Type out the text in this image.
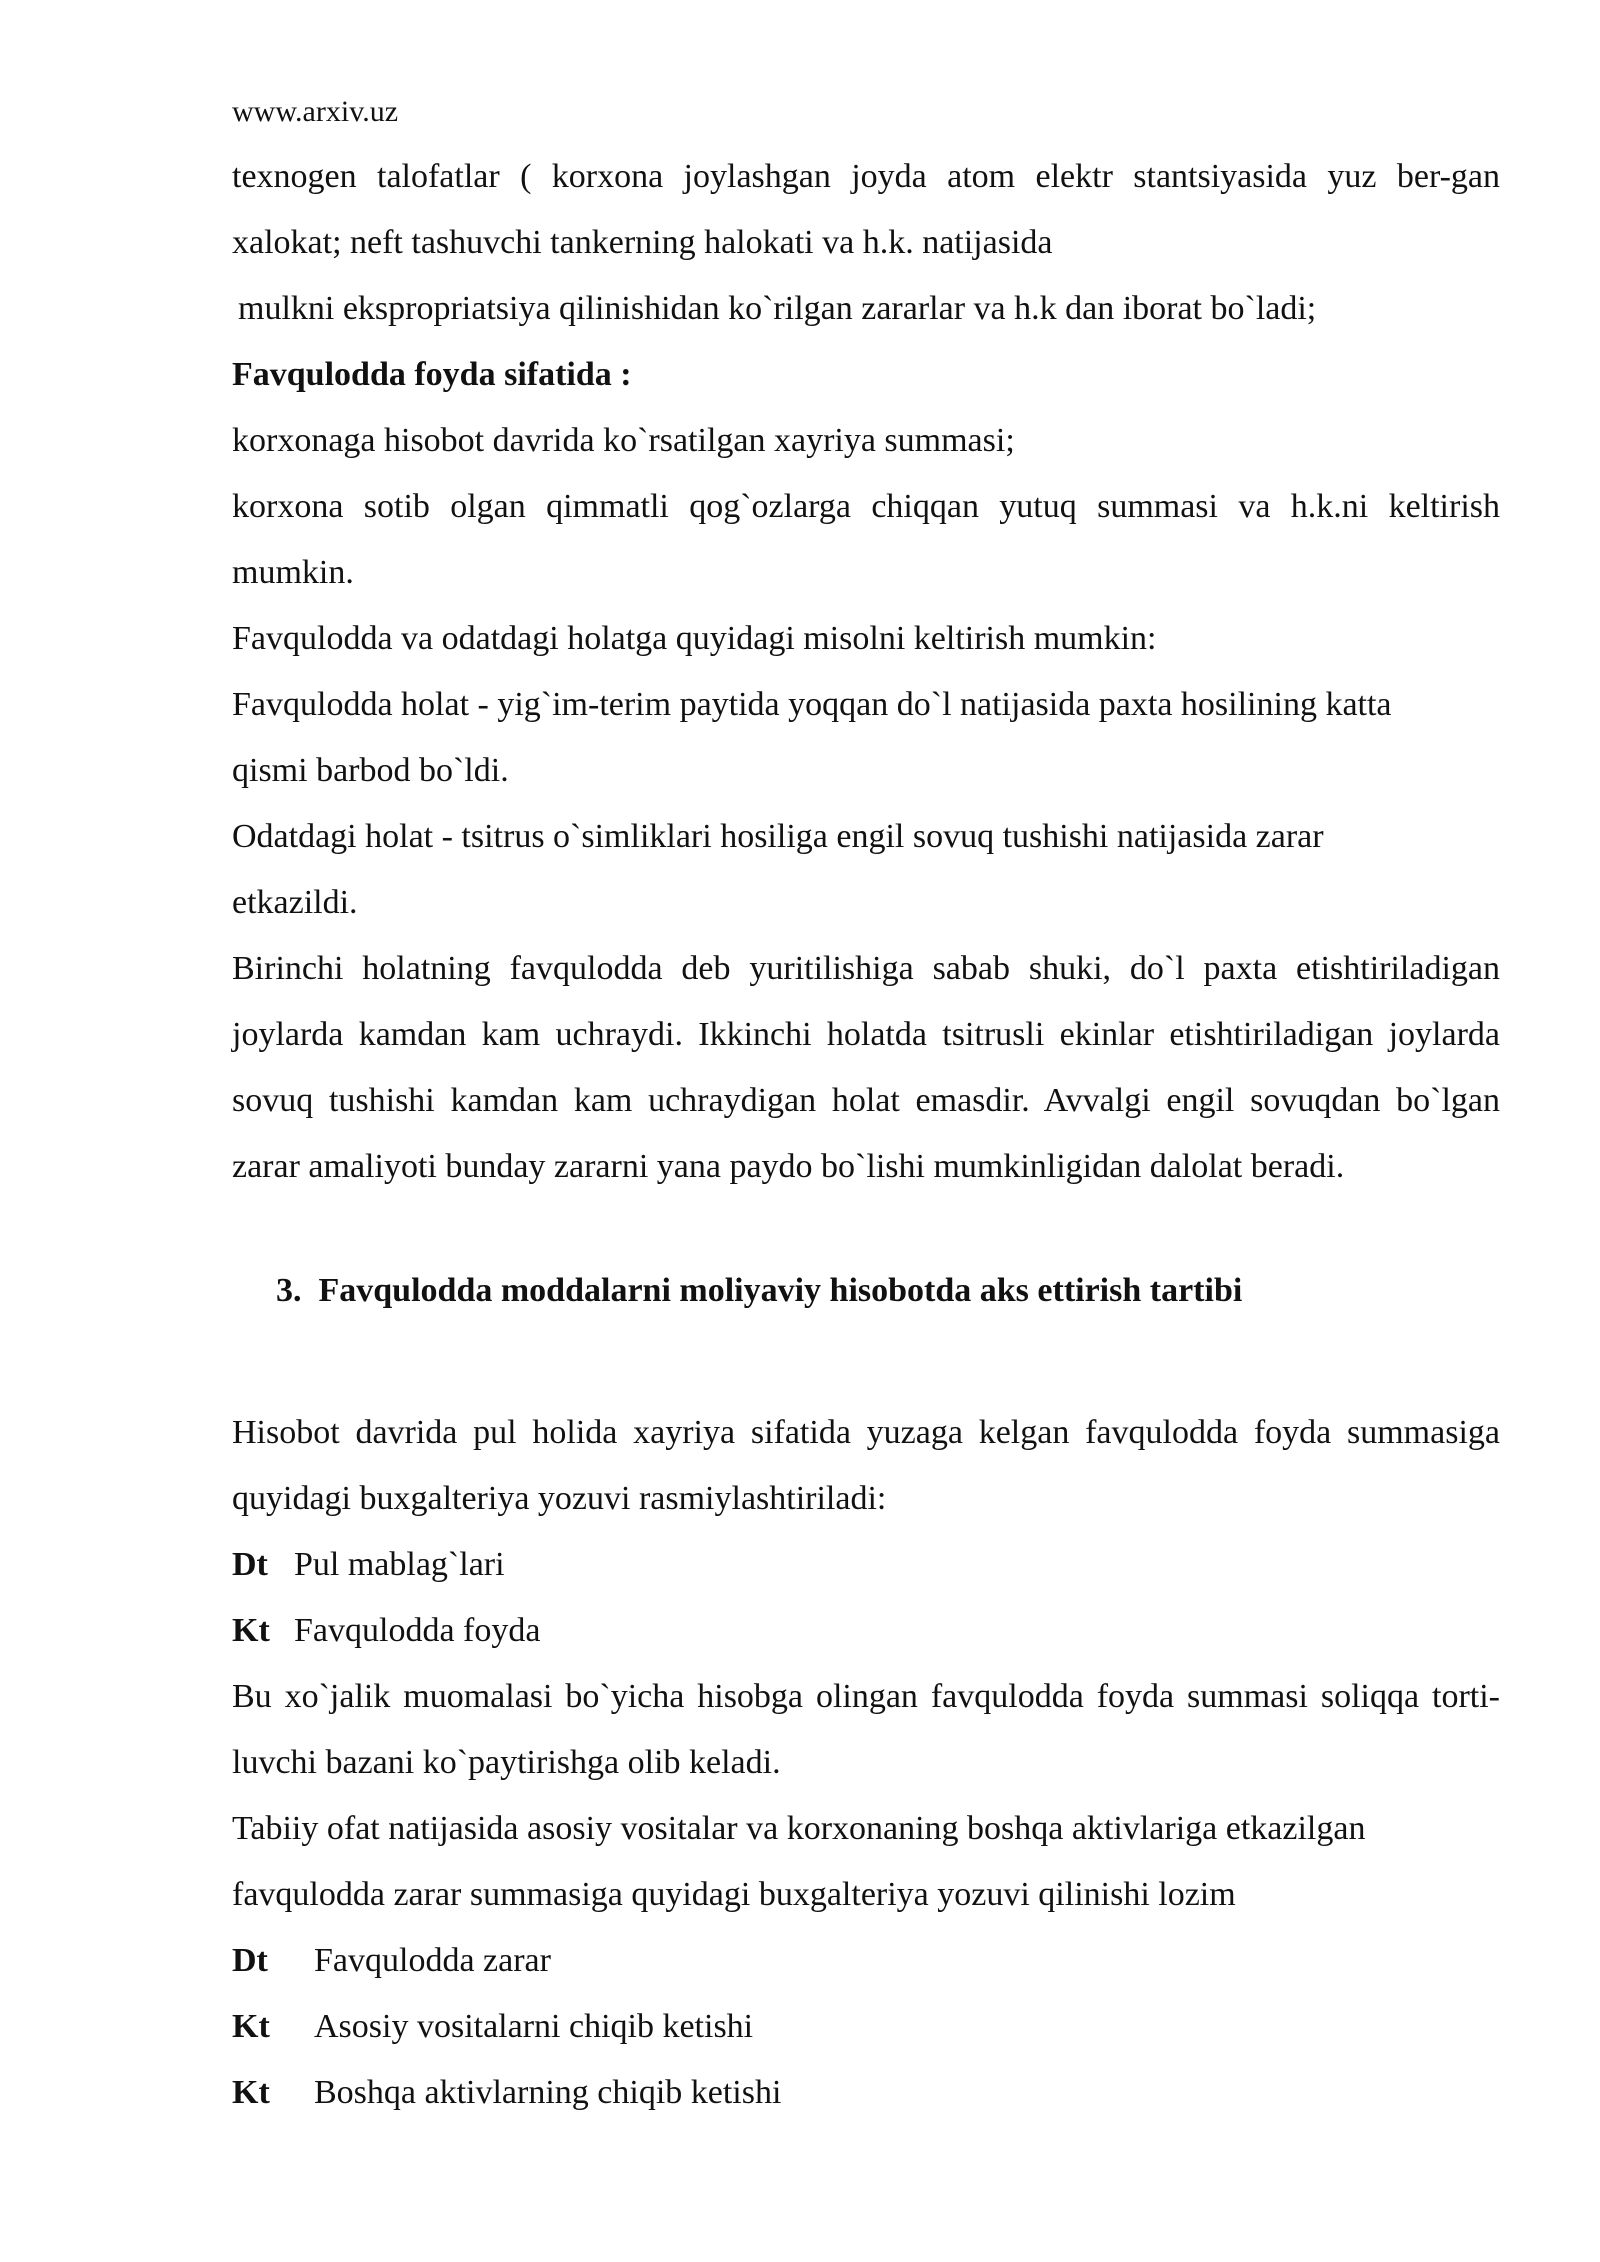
www.arxiv.uz

texnogen talofatlar ( korxona joylashgan joyda atom elektr stantsiyasida yuz ber-gan

xalokat; neft tashuvchi tankerning halokati va h.k. natijasida

mulkni ekspropriatsiya qilinishidan ko`rilgan zararlar va h.k dan iborat bo`ladi;

Favqulodda foyda sifatida :

korxonaga hisobot davrida ko`rsatilgan xayriya summasi;

korxona sotib olgan qimmatli qog`ozlarga chiqqan yutuq summasi va h.k.ni keltirish

mumkin.

Favqulodda va odatdagi holatga quyidagi misolni keltirish mumkin:

Favqulodda holat - yig`im-terim paytida yoqqan do`l natijasida paxta hosilining katta

qismi barbod bo`ldi.

Odatdagi holat - tsitrus o`simliklari hosiliga engil sovuq tushishi natijasida zarar

etkazildi.

Birinchi holatning favqulodda deb yuritilishiga sabab shuki, do`l paxta etishtiriladigan

joylarda kamdan kam uchraydi. Ikkinchi holatda tsitrusli ekinlar etishtiriladigan joylarda

sovuq tushishi kamdan kam uchraydigan holat emasdir. Avvalgi engil sovuqdan bo`lgan

zarar amaliyoti bunday zararni yana paydo bo`lishi mumkinligidan dalolat beradi.

3. Favqulodda moddalarni moliyaviy hisobotda aks ettirish tartibi

Hisobot davrida pul holida xayriya sifatida yuzaga kelgan favqulodda foyda summasiga

quyidagi buxgalteriya yozuvi rasmiylashtiriladi:

Dt Pul mablag`lari

Kt Favqulodda foyda

Bu xo`jalik muomalasi bo`yicha hisobga olingan favqulodda foyda summasi soliqqa torti-

luvchi bazani ko`paytirishga olib keladi.

Tabiiy ofat natijasida asosiy vositalar va korxonaning boshqa aktivlariga etkazilgan

favqulodda zarar summasiga quyidagi buxgalteriya yozuvi qilinishi lozim

Dt Favqulodda zarar

Kt Asosiy vositalarni chiqib ketishi

Kt Boshqa aktivlarning chiqib ketishi
